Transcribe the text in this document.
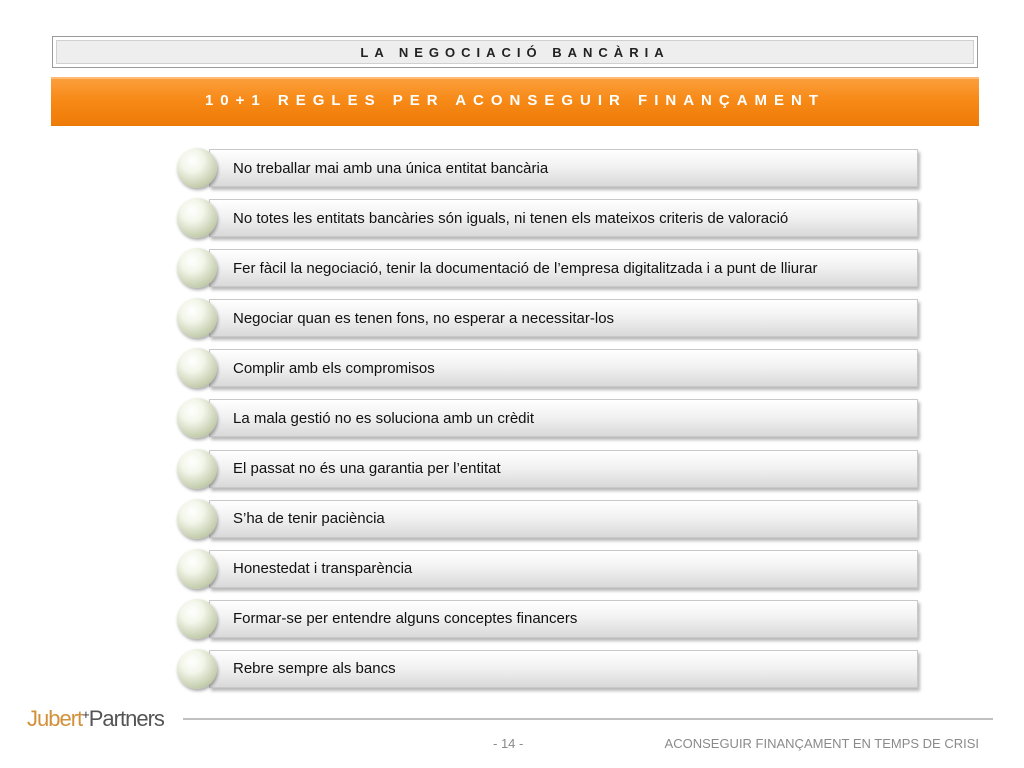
LA NEGOCIACIÓ BANCÀRIA
10+1 REGLES PER ACONSEGUIR FINANÇAMENT
No treballar mai amb una única entitat bancària
No totes les entitats bancàries són iguals, ni tenen els mateixos criteris de valoració
Fer fàcil la negociació, tenir la documentació de l’empresa digitalitzada i a punt de lliurar
Negociar quan es tenen fons, no esperar a necessitar-los
Complir amb els compromisos
La mala gestió no es soluciona amb un crèdit
El passat no és una garantia per l’entitat
S’ha de tenir paciència
Honestedat i transparència
Formar-se per entendre alguns conceptes financers
Rebre sempre als bancs
Jubert+Partners
- 14 -	ACONSEGUIR FINANÇAMENT EN TEMPS DE CRISI
